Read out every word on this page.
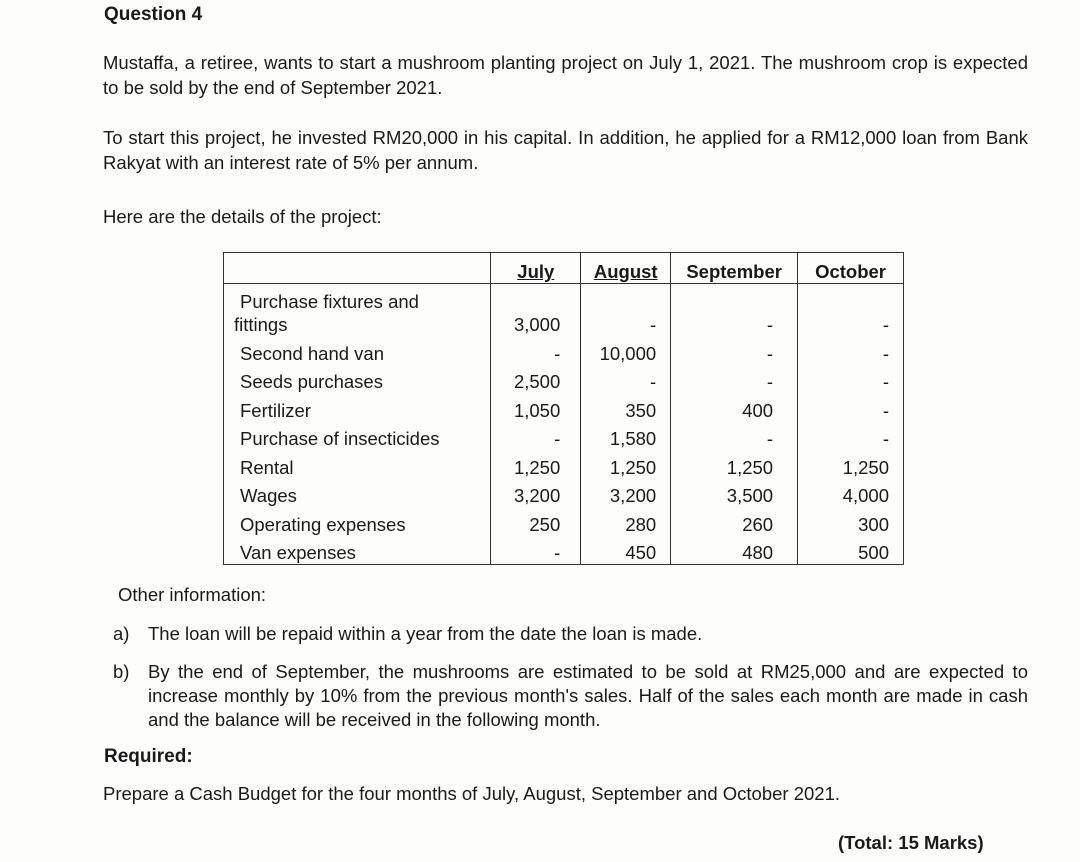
Question 4
Mustaffa, a retiree, wants to start a mushroom planting project on July 1, 2021. The mushroom crop is expected to be sold by the end of September 2021.
To start this project, he invested RM20,000 in his capital. In addition, he applied for a RM12,000 loan from Bank Rakyat with an interest rate of 5% per annum.
Here are the details of the project:
	July	August	September	October

Purchase fixtures and
fittings	3,000	-	-	-
Second hand van	-	10,000	-	-
Seeds purchases	2,500	-	-	-
Fertilizer	1,050	350	400	-
Purchase of insecticides	-	1,580	-	-
Rental	1,250	1,250	1,250	1,250
Wages	3,200	3,200	3,500	4,000
Operating expenses	250	280	260	300
Van expenses	-	450	480	500
Other information:
a) The loan will be repaid within a year from the date the loan is made.
b) By the end of September, the mushrooms are estimated to be sold at RM25,000 and are expected to increase monthly by 10% from the previous month's sales. Half of the sales each month are made in cash and the balance will be received in the following month.
Required:
Prepare a Cash Budget for the four months of July, August, September and October 2021.
(Total: 15 Marks)
